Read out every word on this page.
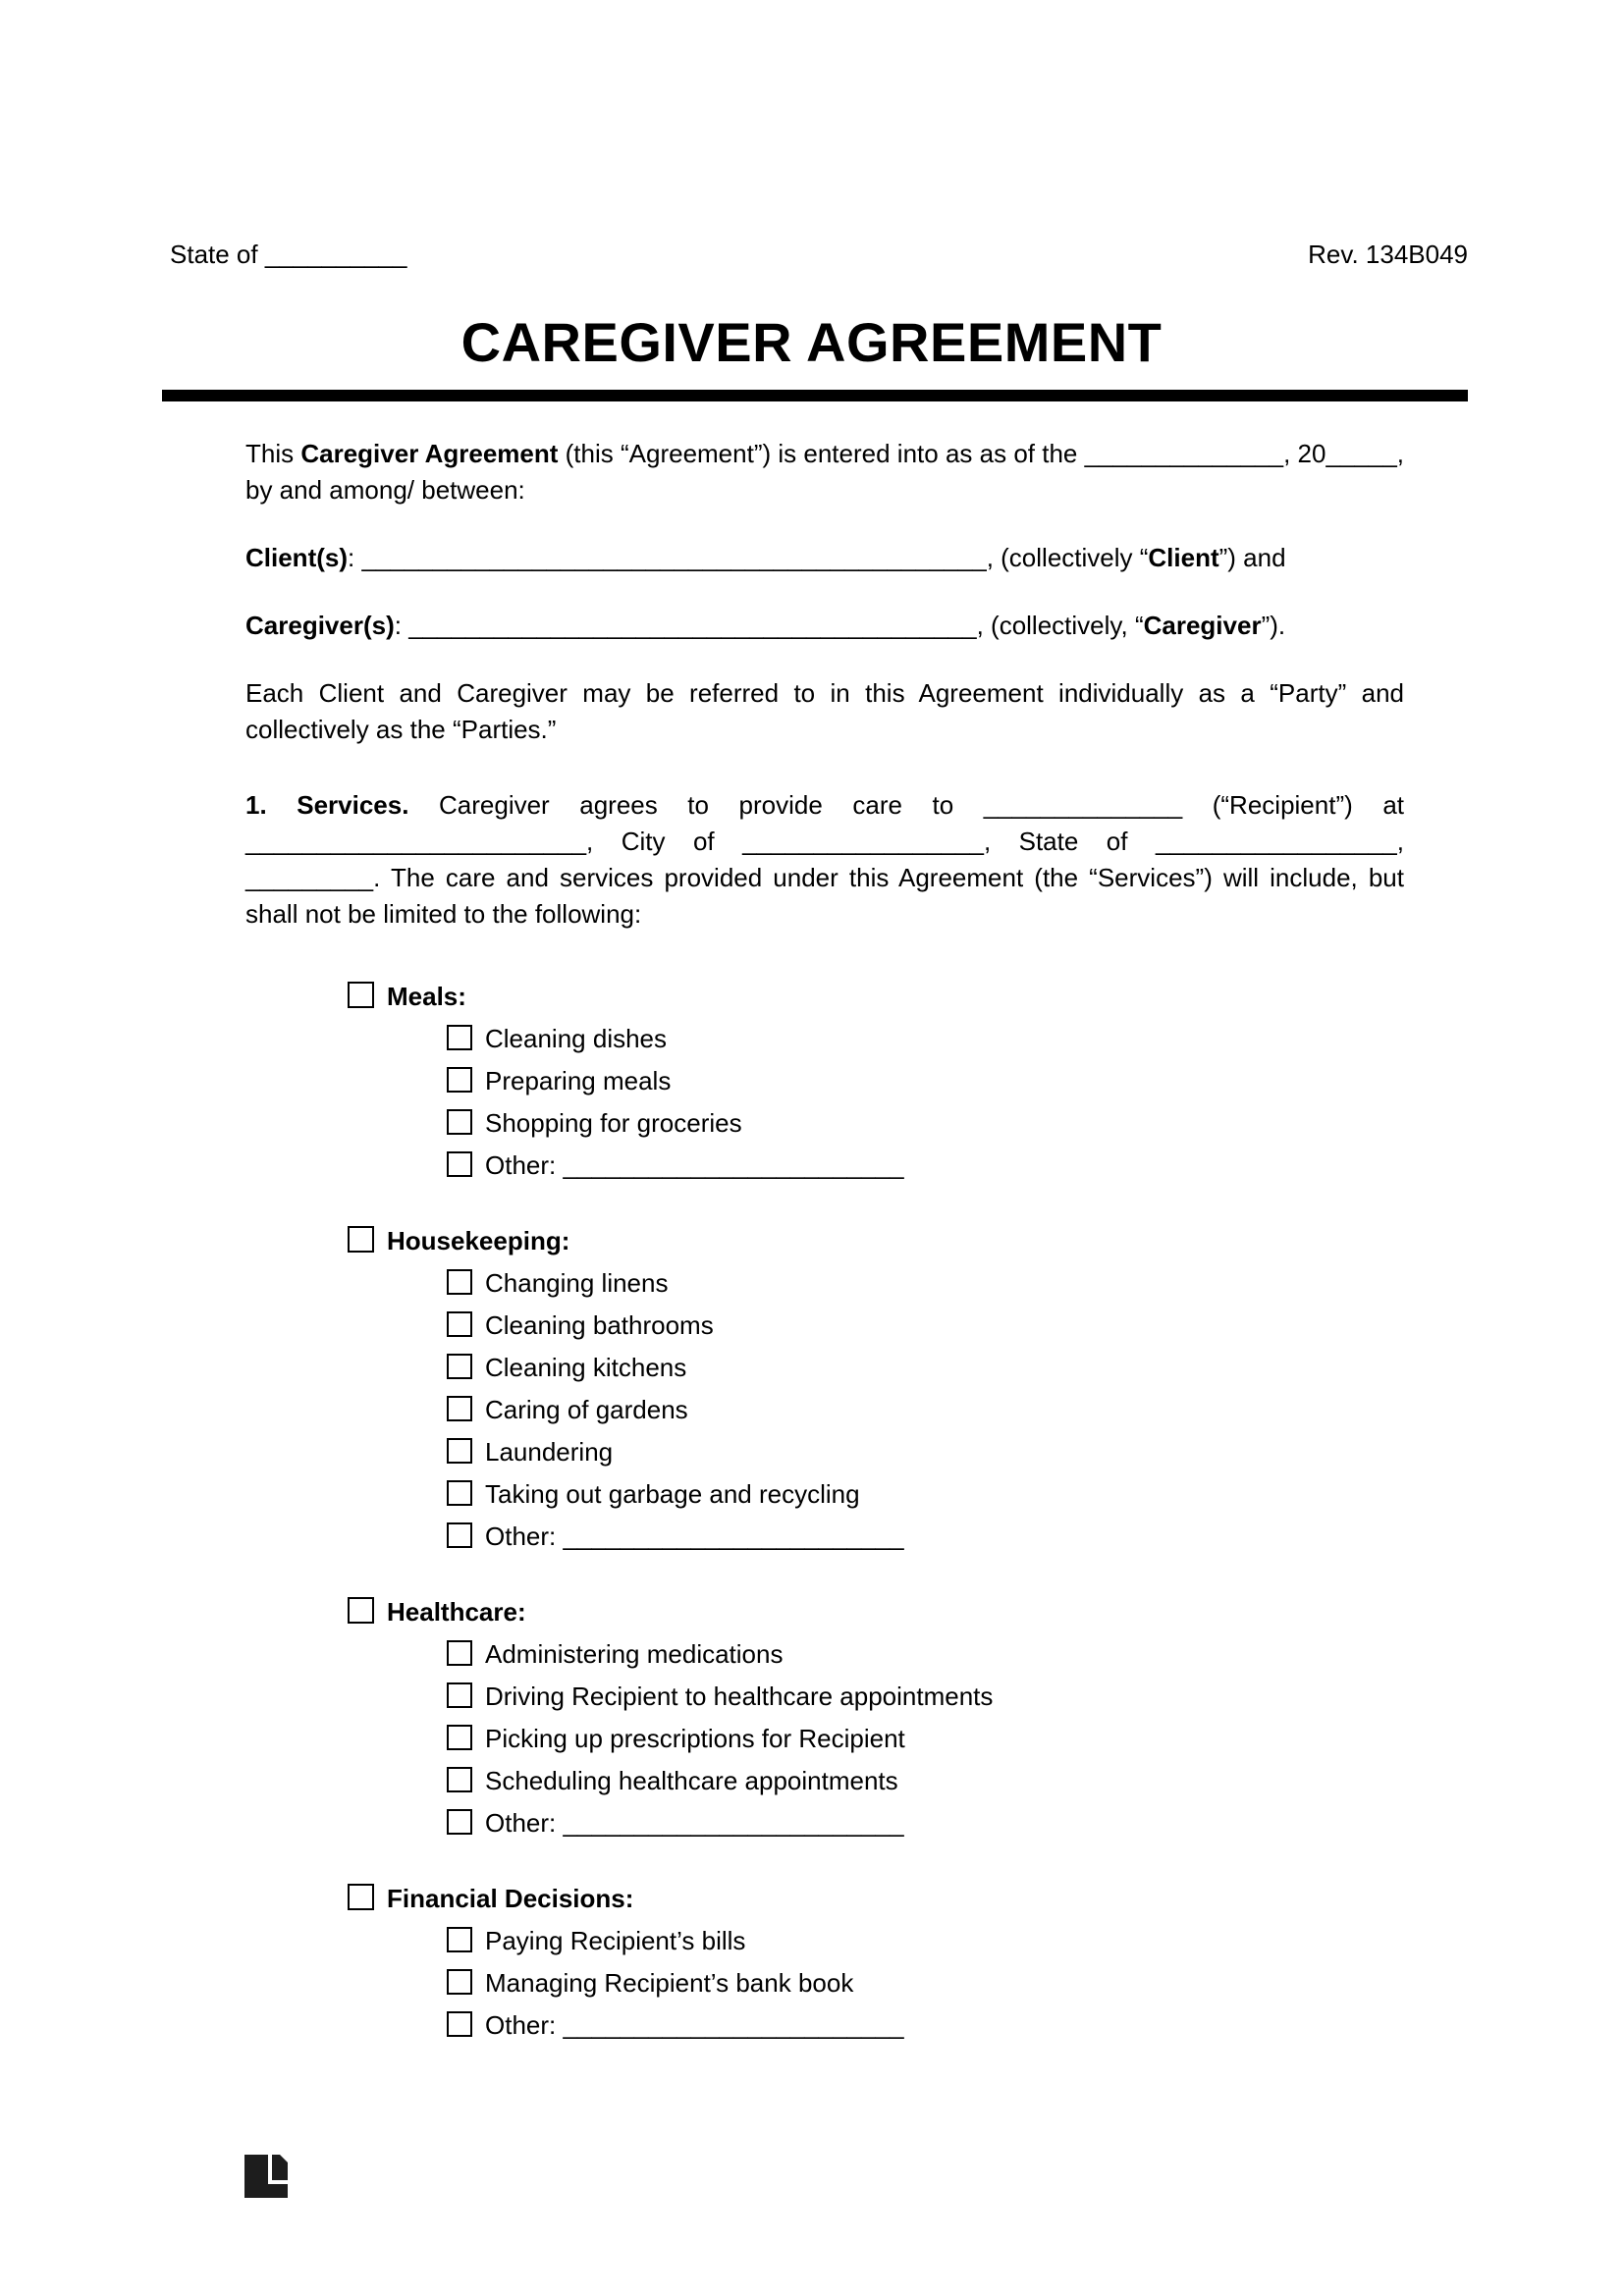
State of __________	Rev. 134B049
CAREGIVER AGREEMENT

This Caregiver Agreement (this “Agreement”) is entered into as as of the ______________, 20_____, by and among/ between:

Client(s): ____________________________________________, (collectively “Client”) and

Caregiver(s): ________________________________________, (collectively, “Caregiver”).

Each Client and Caregiver may be referred to in this Agreement individually as a “Party” and collectively as the “Parties.”

1. Services. Caregiver agrees to provide care to ______________ (“Recipient”) at ________________________, City of _________________, State of _________________, _________. The care and services provided under this Agreement (the “Services”) will include, but shall not be limited to the following:

Meals:
Cleaning dishes
Preparing meals
Shopping for groceries
Other: ________________________
Housekeeping:
Changing linens
Cleaning bathrooms
Cleaning kitchens
Caring of gardens
Laundering
Taking out garbage and recycling
Other: ________________________
Healthcare:
Administering medications
Driving Recipient to healthcare appointments
Picking up prescriptions for Recipient
Scheduling healthcare appointments
Other: ________________________
Financial Decisions:
Paying Recipient’s bills
Managing Recipient’s bank book
Other: ________________________
